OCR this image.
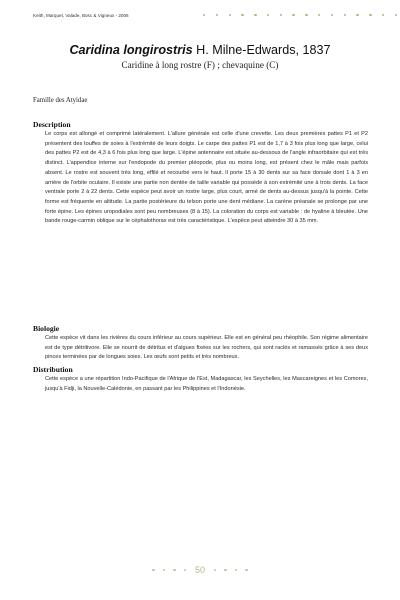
Keith, Marquet, Valade, Bosc & Vigneux - 2006
Caridina longirostris H. Milne-Edwards, 1837
Caridine à long rostre (F) ; chevaquine (C)
Famille des Atyidae
Description

Le corps est allongé et comprimé latéralement. L'allure générale est celle d'une crevette. Les deux premières pattes P1 et P2 présentent des touffes de soies à l'extrémité de leurs doigts. Le carpe des pattes P1 est de 1,7 à 3 fois plus long que large, celui des pattes P2 est de 4,3 à 6 fois plus long que large. L'épine antennaire est située au-dessous de l'angle infraorbitaire qui est très distinct. L'appendice interne sur l'endopode du premier pléopode, plus ou moins long, est présent chez le mâle mais parfois absent. Le rostre est souvent très long, effilé et recourbé vers le haut. Il porte 15 à 30 dents sur sa face dorsale dont 1 à 3 en arrière de l'orbite oculaire. Il existe une partie non dentée de taille variable qui possède à son extrémité une à trois dents. La face ventrale porte 2 à 22 dents. Cette espèce peut avoir un rostre large, plus court, armé de dents au-dessus jusqu'à la pointe. Cette forme est fréquente en altitude. La partie postérieure du telson porte une dent médiane. La carène préanale se prolonge par une forte épine. Les épines uropodiales sont peu nombreuses (8 à 15). La coloration du corps est variable : de hyaline à bleutée. Une bande rouge-carmin oblique sur le céphalothorax est très caractéristique. L'espèce peut atteindre 30 à 35 mm.

Biologie

Cette espèce vit dans les rivières du cours inférieur au cours supérieur. Elle est en général peu rhéophile. Son régime alimentaire est de type détritivore. Elle se nourrit de détritus et d'algues fixées sur les rochers, qui sont raclés et ramassés grâce à ses deux pinces terminées par de longues soies. Les œufs sont petits et très nombreux.

Distribution

Cette espèce a une répartition Indo-Pacifique de l'Afrique de l'Est, Madagascar, les Seychelles, les Mascareignes et les Comores, jusqu'à Fidji, la Nouvelle-Calédonie, en passant par les Philippines et l'Indonésie.

50
